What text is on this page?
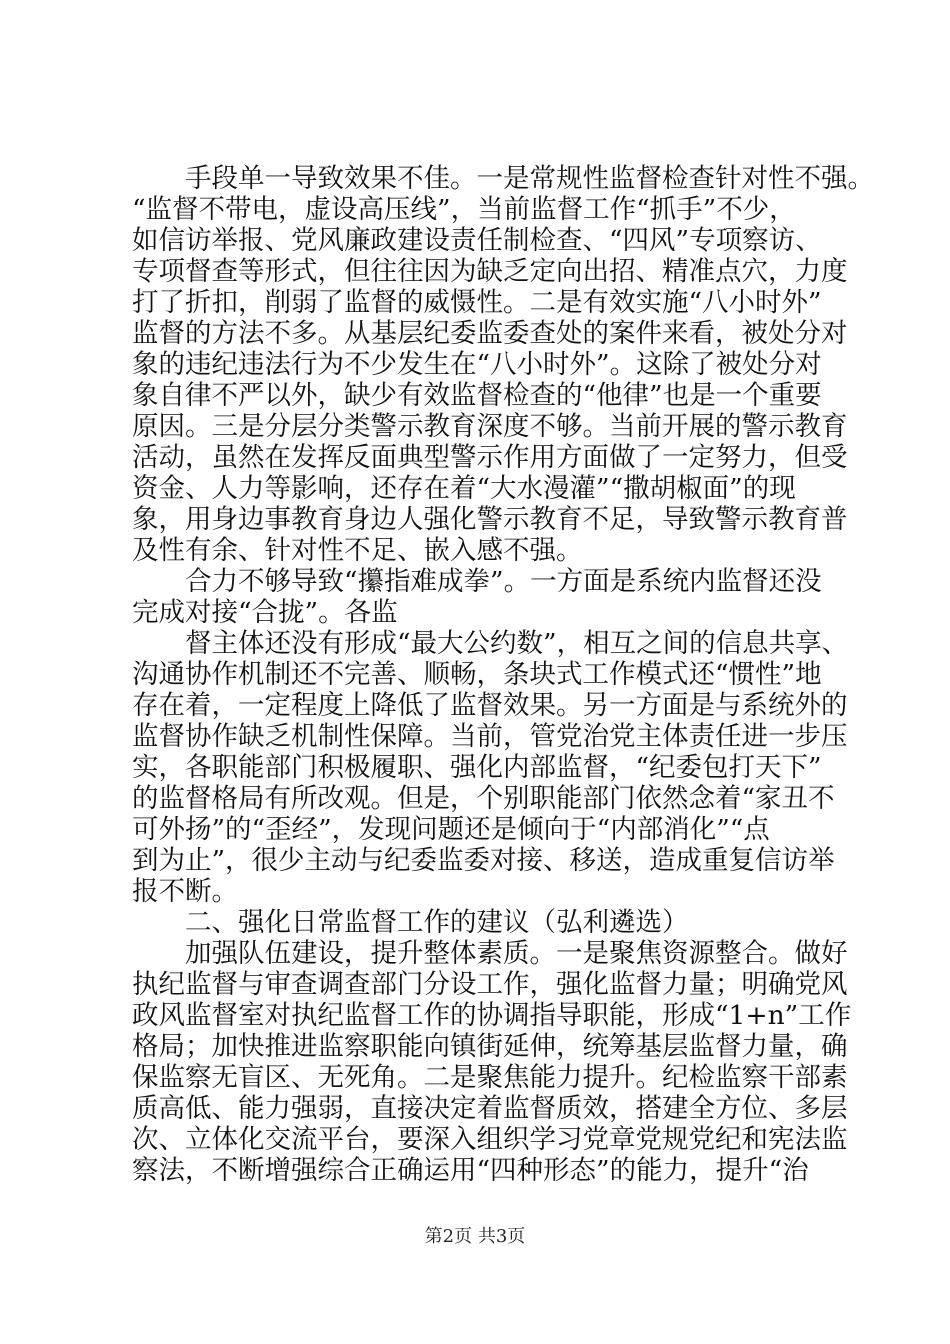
手段单一导致效果不佳。一是常规性监督检查针对性不强。
“监督不带电，虚设高压线”，当前监督工作“抓手”不少，
如信访举报、党风廉政建设责任制检查、“四风”专项察访、
专项督查等形式，但往往因为缺乏定向出招、精准点穴，力度
打了折扣，削弱了监督的威慑性。二是有效实施“八小时外”
监督的方法不多。从基层纪委监委查处的案件来看，被处分对
象的违纪违法行为不少发生在“八小时外”。这除了被处分对
象自律不严以外，缺少有效监督检查的“他律”也是一个重要
原因。三是分层分类警示教育深度不够。当前开展的警示教育
活动，虽然在发挥反面典型警示作用方面做了一定努力，但受
资金、人力等影响，还存在着“大水漫灌”“撒胡椒面”的现
象，用身边事教育身边人强化警示教育不足，导致警示教育普
及性有余、针对性不足、嵌入感不强。
合力不够导致“攥指难成拳”。一方面是系统内监督还没
完成对接“合拢”。各监
督主体还没有形成“最大公约数”，相互之间的信息共享、
沟通协作机制还不完善、顺畅，条块式工作模式还“惯性”地
存在着，一定程度上降低了监督效果。另一方面是与系统外的
监督协作缺乏机制性保障。当前，管党治党主体责任进一步压
实，各职能部门积极履职、强化内部监督，“纪委包打天下”
的监督格局有所改观。但是，个别职能部门依然念着“家丑不
可外扬”的“歪经”，发现问题还是倾向于“内部消化”“点
到为止”，很少主动与纪委监委对接、移送，造成重复信访举
报不断。
二、强化日常监督工作的建议（弘利遴选）
加强队伍建设，提升整体素质。一是聚焦资源整合。做好
执纪监督与审查调查部门分设工作，强化监督力量；明确党风
政风监督室对执纪监督工作的协调指导职能，形成“1+n”工作
格局；加快推进监察职能向镇街延伸，统筹基层监督力量，确
保监察无盲区、无死角。二是聚焦能力提升。纪检监察干部素
质高低、能力强弱，直接决定着监督质效，搭建全方位、多层
次、立体化交流平台，要深入组织学习党章党规党纪和宪法监
察法，不断增强综合正确运用“四种形态”的能力，提升“治
第2页 共3页
